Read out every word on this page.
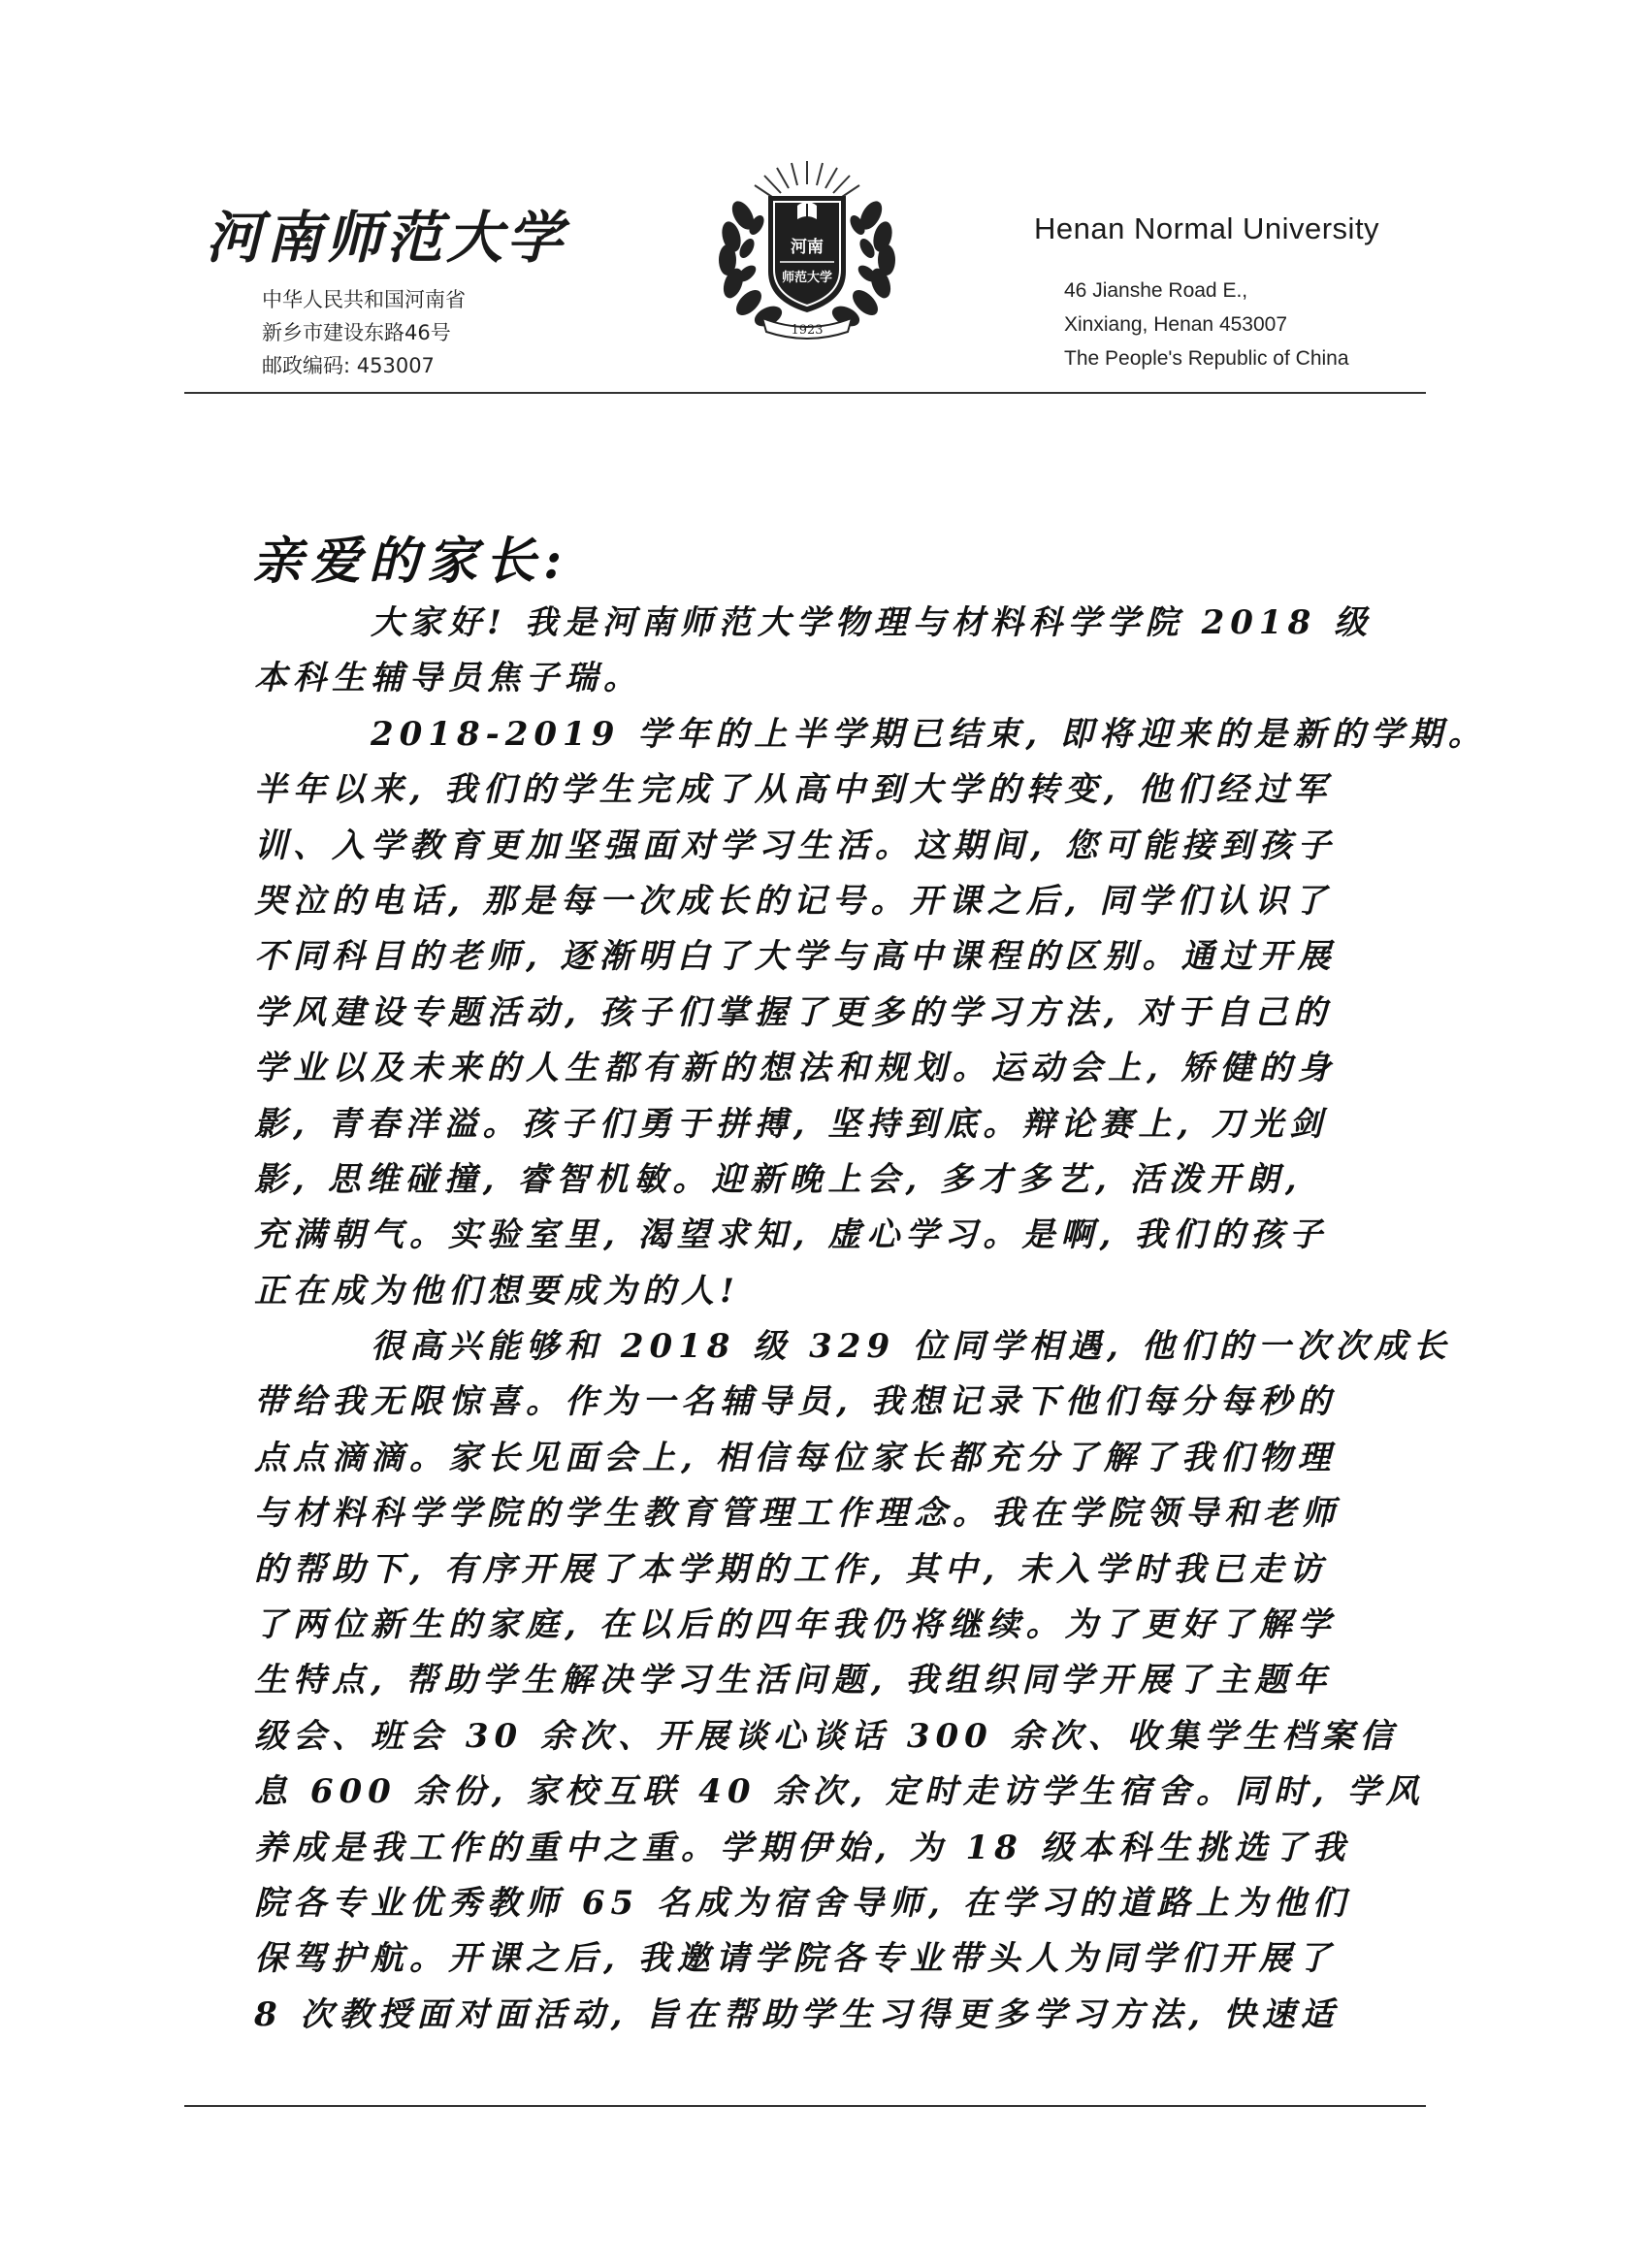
河南师范大学
中华人民共和国河南省
新乡市建设东路46号
邮政编码: 453007
1923
河南
师范大学
Henan Normal University
46 Jianshe Road E.,
Xinxiang, Henan 453007
The People's Republic of China
亲爱的家长:
大家好! 我是河南师范大学物理与材料科学学院 2018 级
本科生辅导员焦子瑞。
2018-2019 学年的上半学期已结束, 即将迎来的是新的学期。
半年以来, 我们的学生完成了从高中到大学的转变, 他们经过军
训、入学教育更加坚强面对学习生活。这期间, 您可能接到孩子
哭泣的电话, 那是每一次成长的记号。开课之后, 同学们认识了
不同科目的老师, 逐渐明白了大学与高中课程的区别。通过开展
学风建设专题活动, 孩子们掌握了更多的学习方法, 对于自己的
学业以及未来的人生都有新的想法和规划。运动会上, 矫健的身
影, 青春洋溢。孩子们勇于拼搏, 坚持到底。辩论赛上, 刀光剑
影, 思维碰撞, 睿智机敏。迎新晚上会, 多才多艺, 活泼开朗,
充满朝气。实验室里, 渴望求知, 虚心学习。是啊, 我们的孩子
正在成为他们想要成为的人!
很高兴能够和 2018 级 329 位同学相遇, 他们的一次次成长
带给我无限惊喜。作为一名辅导员, 我想记录下他们每分每秒的
点点滴滴。家长见面会上, 相信每位家长都充分了解了我们物理
与材料科学学院的学生教育管理工作理念。我在学院领导和老师
的帮助下, 有序开展了本学期的工作, 其中, 未入学时我已走访
了两位新生的家庭, 在以后的四年我仍将继续。为了更好了解学
生特点, 帮助学生解决学习生活问题, 我组织同学开展了主题年
级会、班会 30 余次、开展谈心谈话 300 余次、收集学生档案信
息 600 余份, 家校互联 40 余次, 定时走访学生宿舍。同时, 学风
养成是我工作的重中之重。学期伊始, 为 18 级本科生挑选了我
院各专业优秀教师 65 名成为宿舍导师, 在学习的道路上为他们
保驾护航。开课之后, 我邀请学院各专业带头人为同学们开展了
8 次教授面对面活动, 旨在帮助学生习得更多学习方法, 快速适
